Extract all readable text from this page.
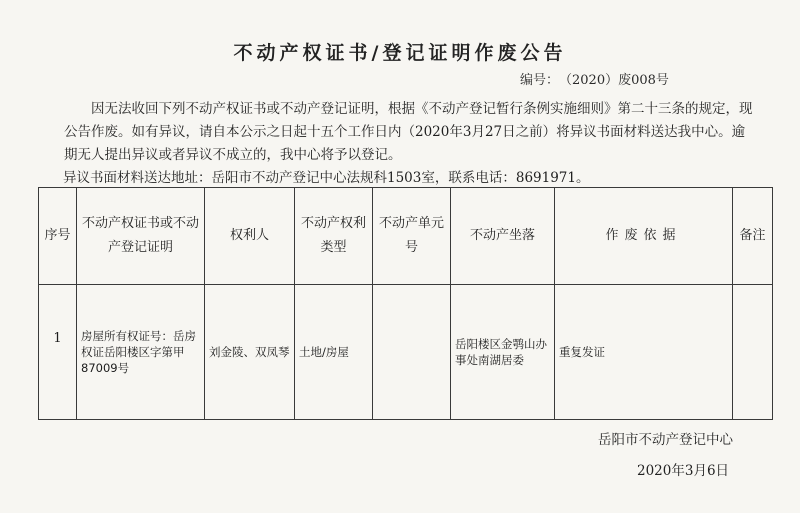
不动产权证书/登记证明作废公告
编号：　（2020）废008号

　　因无法收回下列不动产权证书或不动产登记证明，根据《不动产登记暂行条例实施细则》第二十三条的规定，现公告作废。如有异议，请自本公示之日起十五个工作日内（2020年3月27日之前）将异议书面材料送达我中心。逾期无人提出异议或者异议不成立的，我中心将予以登记。

异议书面材料送达地址：岳阳市不动产登记中心法规科1503室，联系电话：8691971。
序号	不动产权证书或不动产登记证明	权利人	不动产权利类型	不动产单元号	不动产坐落	作废依据	备注
1	房屋所有权证号：岳房权证岳阳楼区字第甲87009号	刘金陵、双凤琴	土地/房屋		岳阳楼区金鹗山办事处南湖居委	重复发证	
岳阳市不动产登记中心
2020年3月6日
